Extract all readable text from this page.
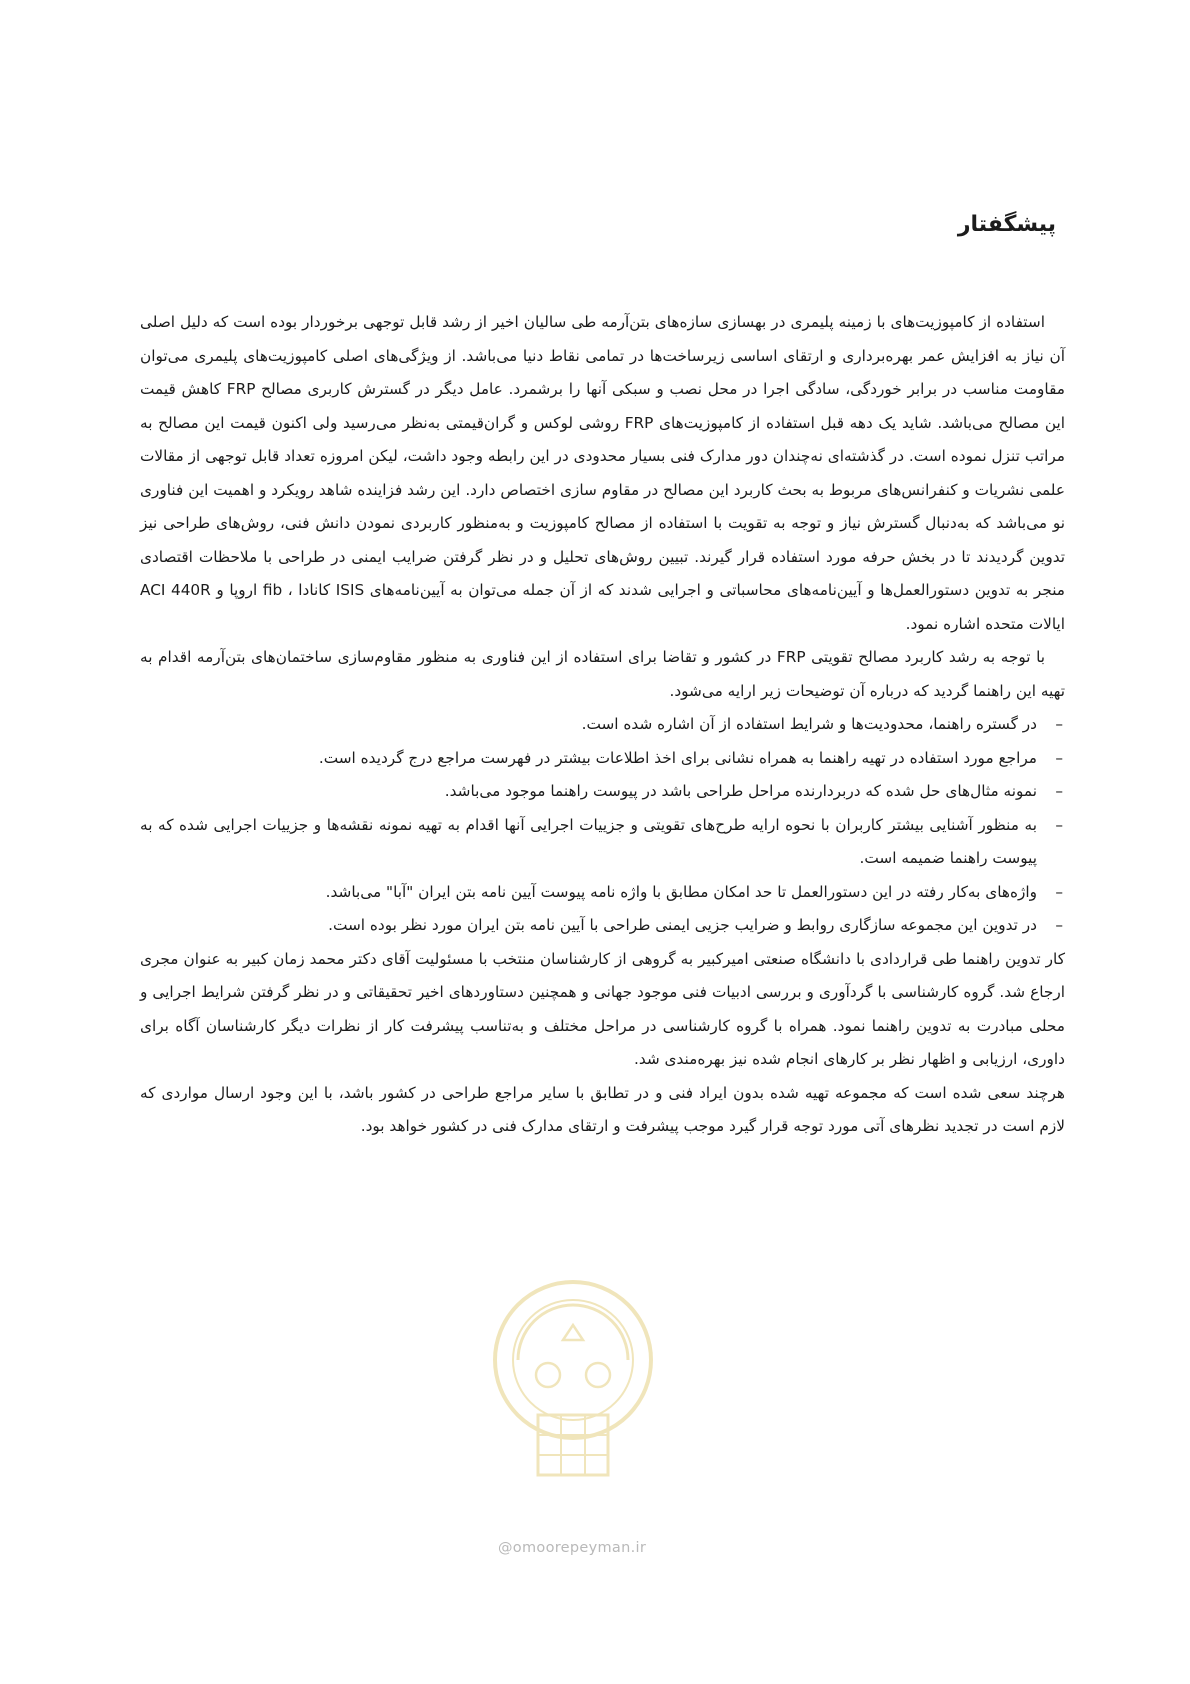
پیشگفتار

استفاده از کامپوزیت‌های با زمینه پلیمری در بهسازی سازه‌های بتن‌آرمه طی سالیان اخیر از رشد قابل توجهی برخوردار بوده است که دلیل اصلی آن نیاز به افزایش عمر بهره‌برداری و ارتقای اساسی زیرساخت‌ها در تمامی نقاط دنیا می‌باشد. از ویژگی‌های اصلی کامپوزیت‌های پلیمری می‌توان مقاومت مناسب در برابر خوردگی، سادگی اجرا در محل نصب و سبکی آنها را برشمرد. عامل دیگر در گسترش کاربری مصالح FRP کاهش قیمت این مصالح می‌باشد. شاید یک دهه قبل استفاده از کامپوزیت‌های FRP روشی لوکس و گران‌قیمتی به‌نظر می‌رسید ولی اکنون قیمت این مصالح به مراتب تنزل نموده است. در گذشته‌ای نه‌چندان دور مدارک فنی بسیار محدودی در این رابطه وجود داشت، لیکن امروزه تعداد قابل توجهی از مقالات علمی نشریات و کنفرانس‌های مربوط به بحث کاربرد این مصالح در مقاوم سازی اختصاص دارد. این رشد فزاینده شاهد رویکرد و اهمیت این فناوری نو می‌باشد که به‌دنبال گسترش نیاز و توجه به تقویت با استفاده از مصالح کامپوزیت و به‌منظور کاربردی نمودن دانش فنی، روش‌های طراحی نیز تدوین گردیدند تا در بخش حرفه مورد استفاده قرار گیرند. تبیین روش‌های تحلیل و در نظر گرفتن ضرایب ایمنی در طراحی با ملاحظات اقتصادی منجر به تدوین دستورالعمل‌ها و آیین‌نامه‌های محاسباتی و اجرایی شدند که از آن جمله می‌توان به آیین‌نامه‌های ISIS کانادا ، fib اروپا و ACI 440R ایالات متحده اشاره نمود.

با توجه به رشد کاربرد مصالح تقویتی FRP در کشور و تقاضا برای استفاده از این فناوری به منظور مقاوم‌سازی ساختمان‌های بتن‌آرمه اقدام به تهیه این راهنما گردید که درباره آن توضیحات زیر ارایه می‌شود.

–
در گستره راهنما، محدودیت‌ها و شرایط استفاده از آن اشاره شده است.
–
مراجع مورد استفاده در تهیه راهنما به همراه نشانی برای اخذ اطلاعات بیشتر در فهرست مراجع درج گردیده است.
–
نمونه مثال‌های حل شده که دربردارنده مراحل طراحی باشد در پیوست راهنما موجود می‌باشد.
–
به منظور آشنایی بیشتر کاربران با نحوه ارایه طرح‌های تقویتی و جزییات اجرایی آنها اقدام به تهیه نمونه نقشه‌ها و جزییات اجرایی شده که به پیوست راهنما ضمیمه است.
–
واژه‌های به‌کار رفته در این دستورالعمل تا حد امکان مطابق با واژه نامه پیوست آیین نامه بتن ایران "آبا" می‌باشد.
–
در تدوین این مجموعه سازگاری روابط و ضرایب جزیی ایمنی طراحی با آیین نامه بتن ایران مورد نظر بوده است.

کار تدوین راهنما طی قراردادی با دانشگاه صنعتی امیرکبیر به گروهی از کارشناسان منتخب با مسئولیت آقای دکتر محمد زمان کبیر به عنوان مجری ارجاع شد. گروه کارشناسی با گردآوری و بررسی ادبیات فنی موجود جهانی و همچنین دستاوردهای اخیر تحقیقاتی و در نظر گرفتن شرایط اجرایی و محلی مبادرت به تدوین راهنما نمود. همراه با گروه کارشناسی در مراحل مختلف و به‌تناسب پیشرفت کار از نظرات دیگر کارشناسان آگاه برای داوری، ارزیابی و اظهار نظر بر کارهای انجام شده نیز بهره‌مندی شد.

هرچند سعی شده است که مجموعه تهیه شده بدون ایراد فنی و در تطابق با سایر مراجع طراحی در کشور باشد، با این وجود ارسال مواردی که لازم است در تجدید نظرهای آتی مورد توجه قرار گیرد موجب پیشرفت و ارتقای مدارک فنی در کشور خواهد بود.

@omoorepeyman.ir
